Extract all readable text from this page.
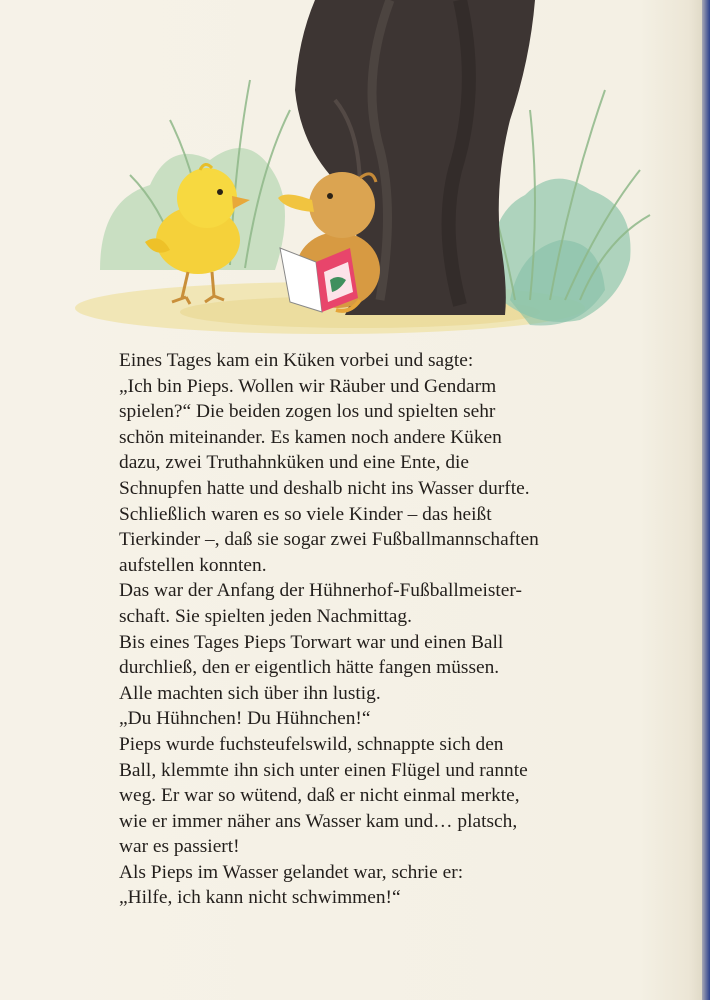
Eines Tages kam ein Küken vorbei und sagte:
„Ich bin Pieps. Wollen wir Räuber und Gendarm
spielen?“ Die beiden zogen los und spielten sehr
schön miteinander. Es kamen noch andere Küken
dazu, zwei Truthahnküken und eine Ente, die
Schnupfen hatte und deshalb nicht ins Wasser durfte.
Schließlich waren es so viele Kinder – das heißt
Tierkinder –, daß sie sogar zwei Fußballmannschaften
aufstellen konnten.
Das war der Anfang der Hühnerhof-Fußballmeister-
schaft. Sie spielten jeden Nachmittag.
Bis eines Tages Pieps Torwart war und einen Ball
durchließ, den er eigentlich hätte fangen müssen.
Alle machten sich über ihn lustig.
„Du Hühnchen! Du Hühnchen!“
Pieps wurde fuchsteufelswild, schnappte sich den
Ball, klemmte ihn sich unter einen Flügel und rannte
weg. Er war so wütend, daß er nicht einmal merkte,
wie er immer näher ans Wasser kam und… platsch,
war es passiert!
Als Pieps im Wasser gelandet war, schrie er:
„Hilfe, ich kann nicht schwimmen!“
